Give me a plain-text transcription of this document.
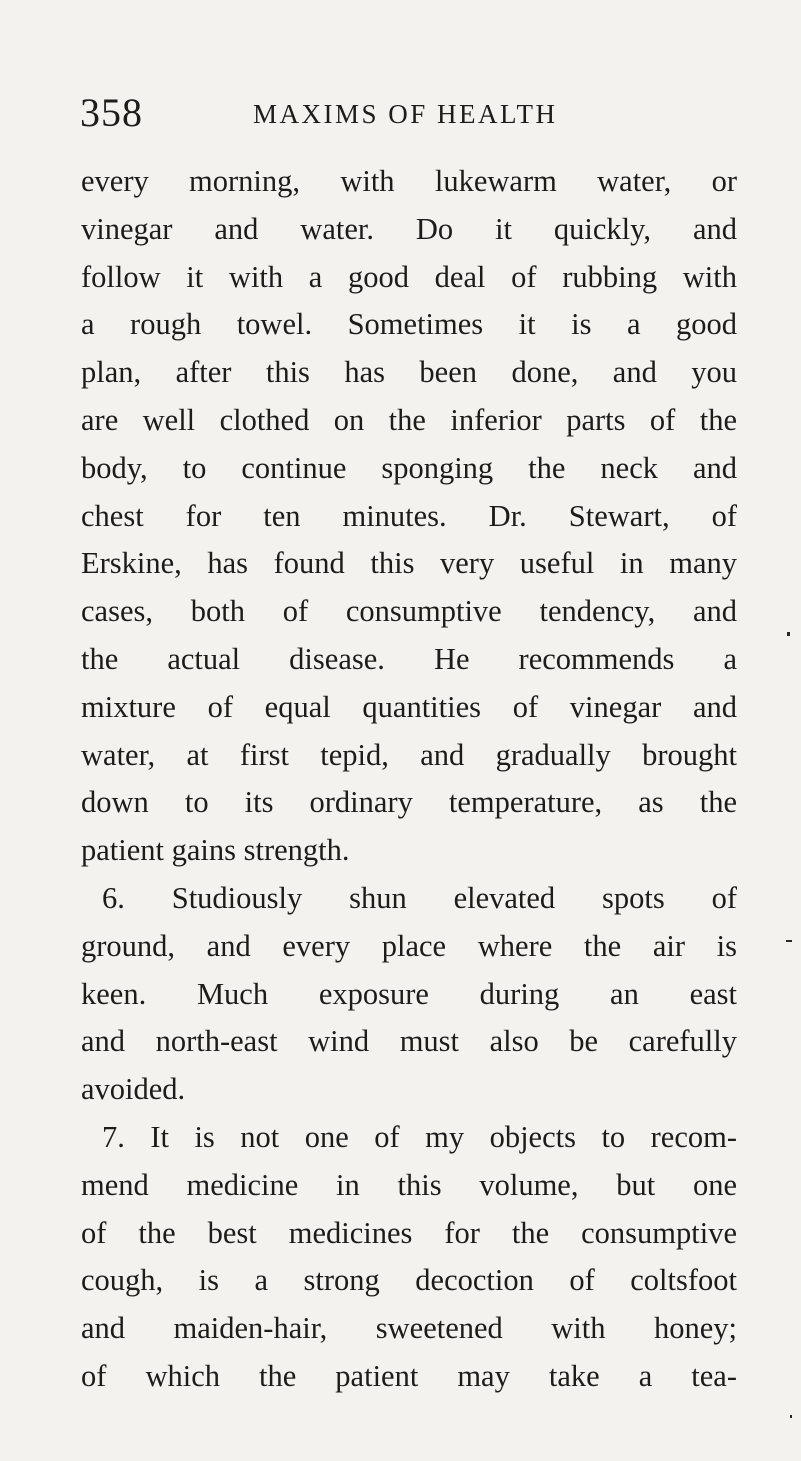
358	MAXIMS OF HEALTH
every morning, with lukewarm water, or
vinegar and water. Do it quickly, and
follow it with a good deal of rubbing with
a rough towel. Sometimes it is a good
plan, after this has been done, and you
are well clothed on the inferior parts of the
body, to continue sponging the neck and
chest for ten minutes. Dr. Stewart, of
Erskine, has found this very useful in many
cases, both of consumptive tendency, and
the actual disease. He recommends a
mixture of equal quantities of vinegar and
water, at first tepid, and gradually brought
down to its ordinary temperature, as the
patient gains strength.
6. Studiously shun elevated spots of
ground, and every place where the air is
keen. Much exposure during an east
and north-east wind must also be carefully
avoided.
7. It is not one of my objects to recom-
mend medicine in this volume, but one
of the best medicines for the consumptive
cough, is a strong decoction of coltsfoot
and maiden-hair, sweetened with honey;
of which the patient may take a tea-
